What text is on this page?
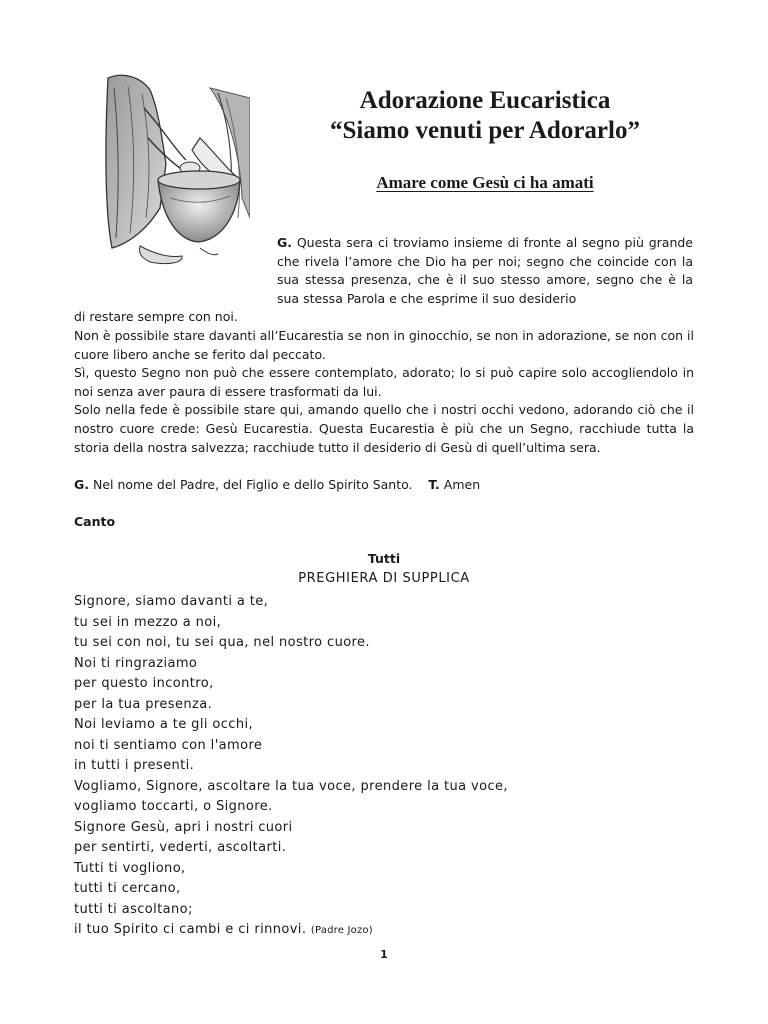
Adorazione Eucaristica
“Siamo venuti per Adorarlo”
Amare come Gesù ci ha amati
G. Questa sera ci troviamo insieme di fronte al segno più grande che rivela l’amore che Dio ha per noi; segno che coincide con la sua stessa presenza, che è il suo stesso amore, segno che è la sua stessa Parola e che esprime il suo desiderio
di restare sempre con noi.

Non è possibile stare davanti all’Eucarestia se non in ginocchio, se non in adorazione, se non con il cuore libero anche se ferito dal peccato.

Sì, questo Segno non può che essere contemplato, adorato; lo si può capire solo accogliendolo in noi senza aver paura di essere trasformati da lui.

Solo nella fede è possibile stare qui, amando quello che i nostri occhi vedono, adorando ciò che il nostro cuore crede: Gesù Eucarestia. Questa Eucarestia è più che un Segno, racchiude tutta la storia della nostra salvezza; racchiude tutto il desiderio di Gesù di quell’ultima sera.

G. Nel nome del Padre, del Figlio e dello Spirito Santo. T. Amen
Canto
Tutti
PREGHIERA DI SUPPLICA
Signore, siamo davanti a te,
tu sei in mezzo a noi,
tu sei con noi, tu sei qua, nel nostro cuore.
Noi ti ringraziamo
per questo incontro,
per la tua presenza.
Noi leviamo a te gli occhi,
noi ti sentiamo con l'amore
in tutti i presenti.
Vogliamo, Signore, ascoltare la tua voce, prendere la tua voce,
vogliamo toccarti, o Signore.
Signore Gesù, apri i nostri cuori
per sentirti, vederti, ascoltarti.
Tutti ti vogliono,
tutti ti cercano,
tutti ti ascoltano;
il tuo Spirito ci cambi e ci rinnovi. (Padre Jozo)
1
